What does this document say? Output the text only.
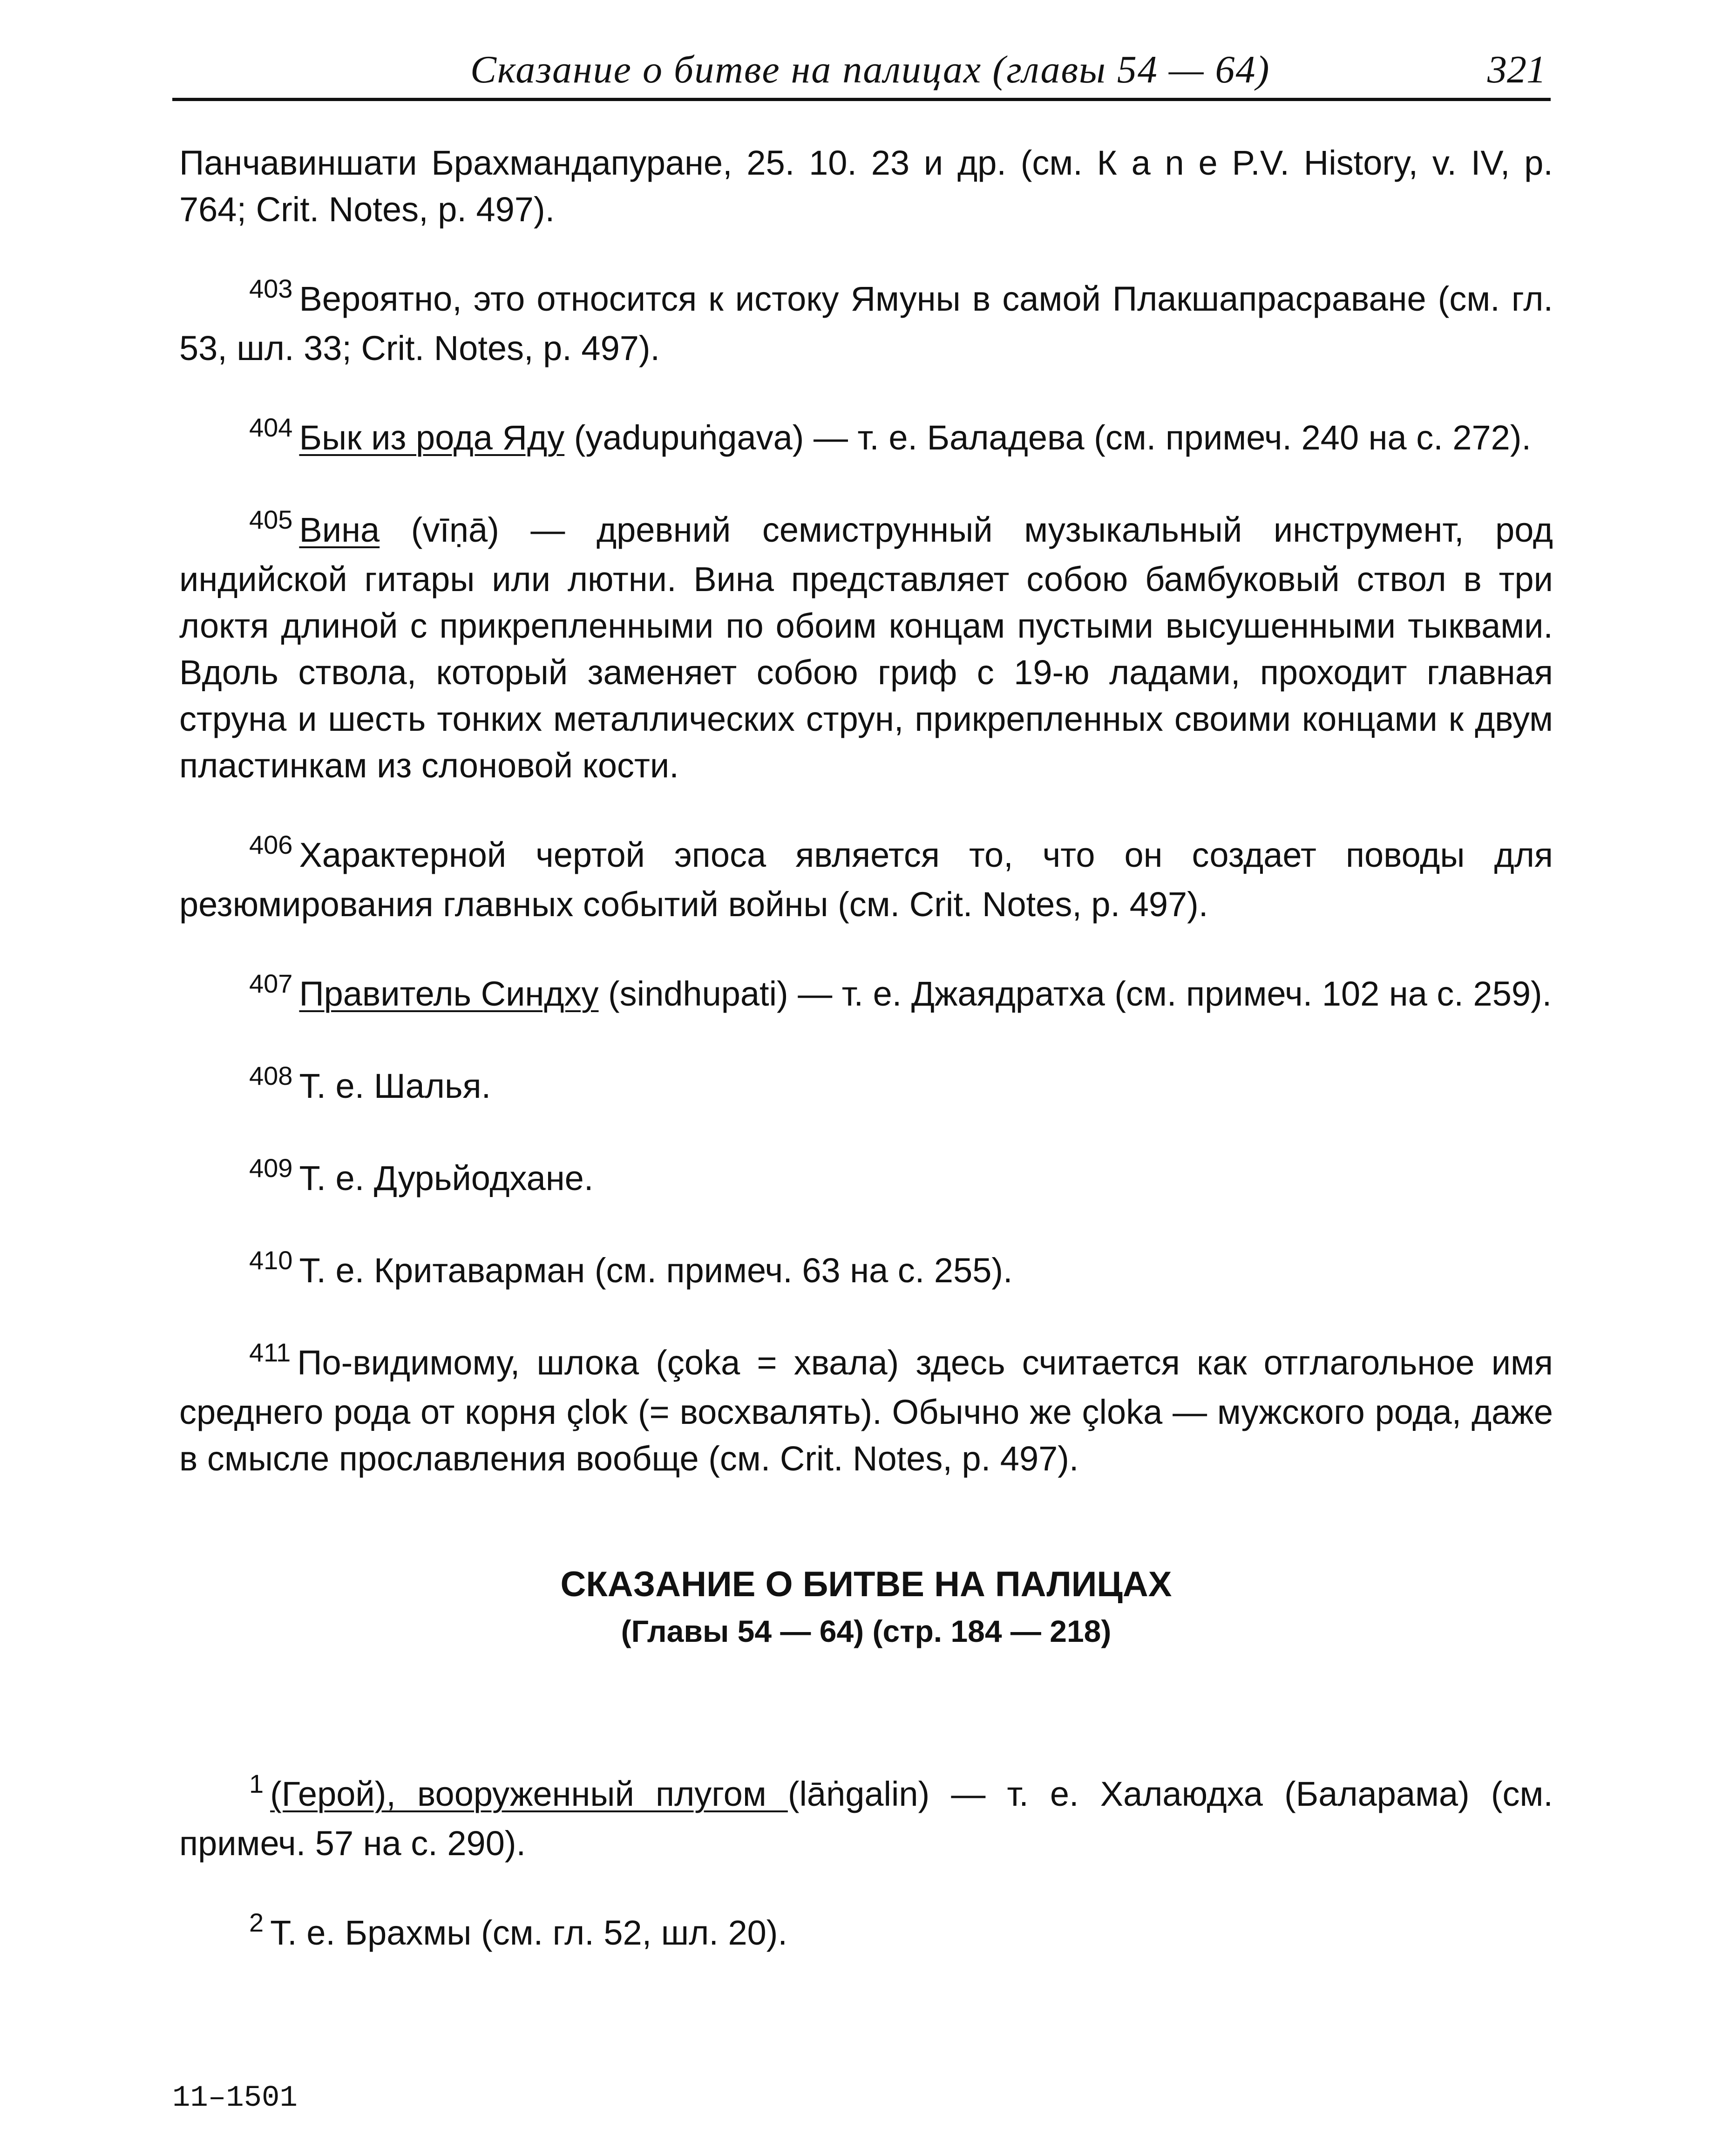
Сказание о битве на палицах (главы 54 — 64)	321

Панчавиншати Брахмандапуране, 25. 10. 23 и др. (см. К а n е P.V. History, v. IV, p. 764; Crit. Notes, p. 497).

$^{403}$ Вероятно, это относится к истоку Ямуны в самой Плакшапрасраване (см. гл. 53, шл. 33; Crit. Notes, p. 497).

$^{404}$ Бык из рода Яду (yadupuṅgava) — т. е. Баладева (см. примеч. 240 на с. 272).

$^{405}$ Вина (vīṇā) — древний семиструнный музыкальный инструмент, род индийской гитары или лютни. Вина представляет собою бамбуковый ствол в три локтя длиной с прикрепленными по обоим концам пустыми высушенными тыквами. Вдоль ствола, который заменяет собою гриф с 19-ю ладами, проходит главная струна и шесть тонких металлических струн, прикрепленных своими концами к двум пластинкам из слоновой кости.

$^{406}$ Характерной чертой эпоса является то, что он создает поводы для резюмирования главных событий войны (см. Crit. Notes, p. 497).

$^{407}$ Правитель Синдху (sindhupati) — т. е. Джаядратха (см. примеч. 102 на с. 259).

$^{408}$ Т. е. Шалья.

$^{409}$ Т. е. Дурьйодхане.

$^{410}$ Т. е. Критаварман (см. примеч. 63 на с. 255).

$^{411}$ По-видимому, шлока (çoka = хвала) здесь считается как отглагольное имя среднего рода от корня çlok (= восхвалять). Обычно же çloka — мужского рода, даже в смысле прославления вообще (см. Crit. Notes, p. 497).

СКАЗАНИЕ О БИТВЕ НА ПАЛИЦАХ
(Главы 54 — 64) (стр. 184 — 218)

$^1$ (Герой), вооруженный плугом (lāṅgalin) — т. е. Халаюдха (Баларама) (см. примеч. 57 на с. 290).

$^2$ Т. е. Брахмы (см. гл. 52, шл. 20).

11–1501
